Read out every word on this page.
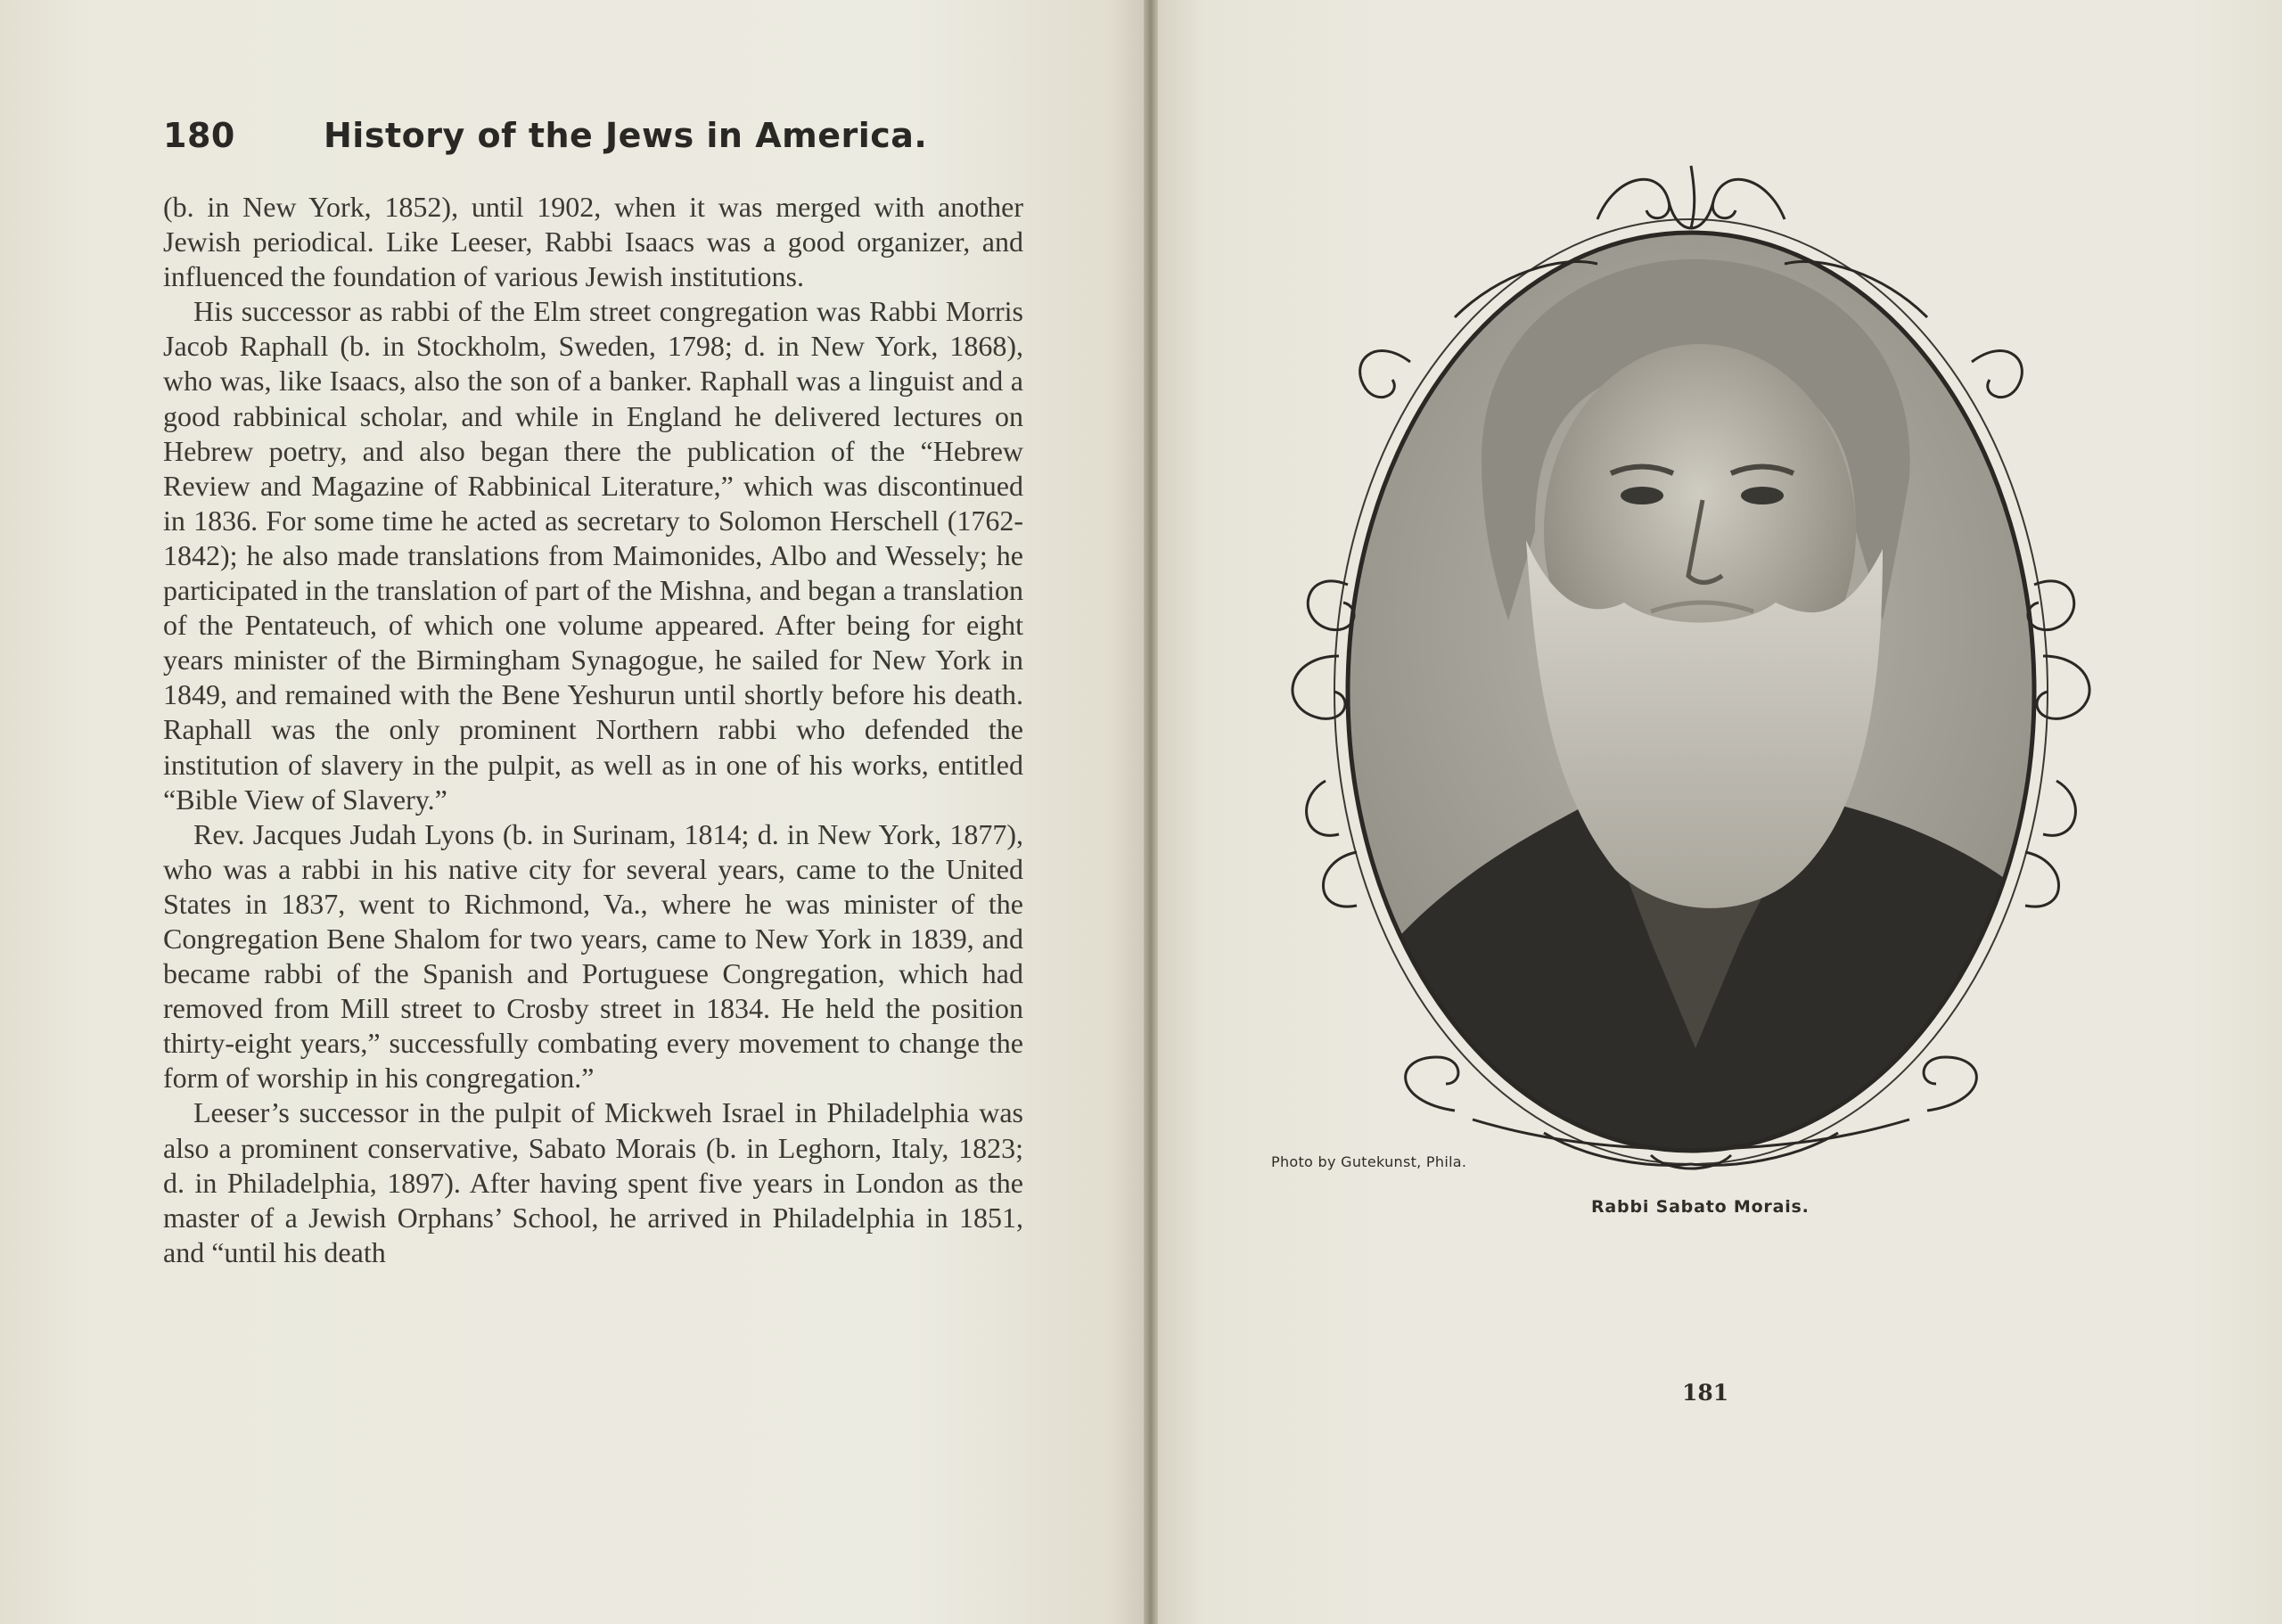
180	History of the Jews in America.

(b. in New York, 1852), until 1902, when it was merged with another Jewish periodical. Like Leeser, Rabbi Isaacs was a good organizer, and influenced the foundation of various Jewish institutions.

His successor as rabbi of the Elm street congregation was Rabbi Morris Jacob Raphall (b. in Stockholm, Sweden, 1798; d. in New York, 1868), who was, like Isaacs, also the son of a banker. Raphall was a linguist and a good rabbinical scholar, and while in England he delivered lectures on Hebrew poetry, and also began there the publication of the “Hebrew Review and Magazine of Rabbinical Literature,” which was discontinued in 1836. For some time he acted as secretary to Solomon Herschell (1762-1842); he also made translations from Maimonides, Albo and Wessely; he participated in the translation of part of the Mishna, and began a translation of the Pentateuch, of which one volume appeared. After being for eight years minister of the Birmingham Synagogue, he sailed for New York in 1849, and remained with the Bene Yeshurun until shortly before his death. Raphall was the only prominent Northern rabbi who defended the institution of slavery in the pulpit, as well as in one of his works, entitled “Bible View of Slavery.”

Rev. Jacques Judah Lyons (b. in Surinam, 1814; d. in New York, 1877), who was a rabbi in his native city for several years, came to the United States in 1837, went to Richmond, Va., where he was minister of the Congregation Bene Shalom for two years, came to New York in 1839, and became rabbi of the Spanish and Portuguese Congregation, which had removed from Mill street to Crosby street in 1834. He held the position thirty-eight years,” successfully combating every movement to change the form of worship in his congregation.”

Leeser’s successor in the pulpit of Mickweh Israel in Philadelphia was also a prominent conservative, Sabato Morais (b. in Leghorn, Italy, 1823; d. in Philadelphia, 1897). After having spent five years in London as the master of a Jewish Orphans’ School, he arrived in Philadelphia in 1851, and “until his death

Photo by Gutekunst, Phila.
Rabbi Sabato Morais.
181
